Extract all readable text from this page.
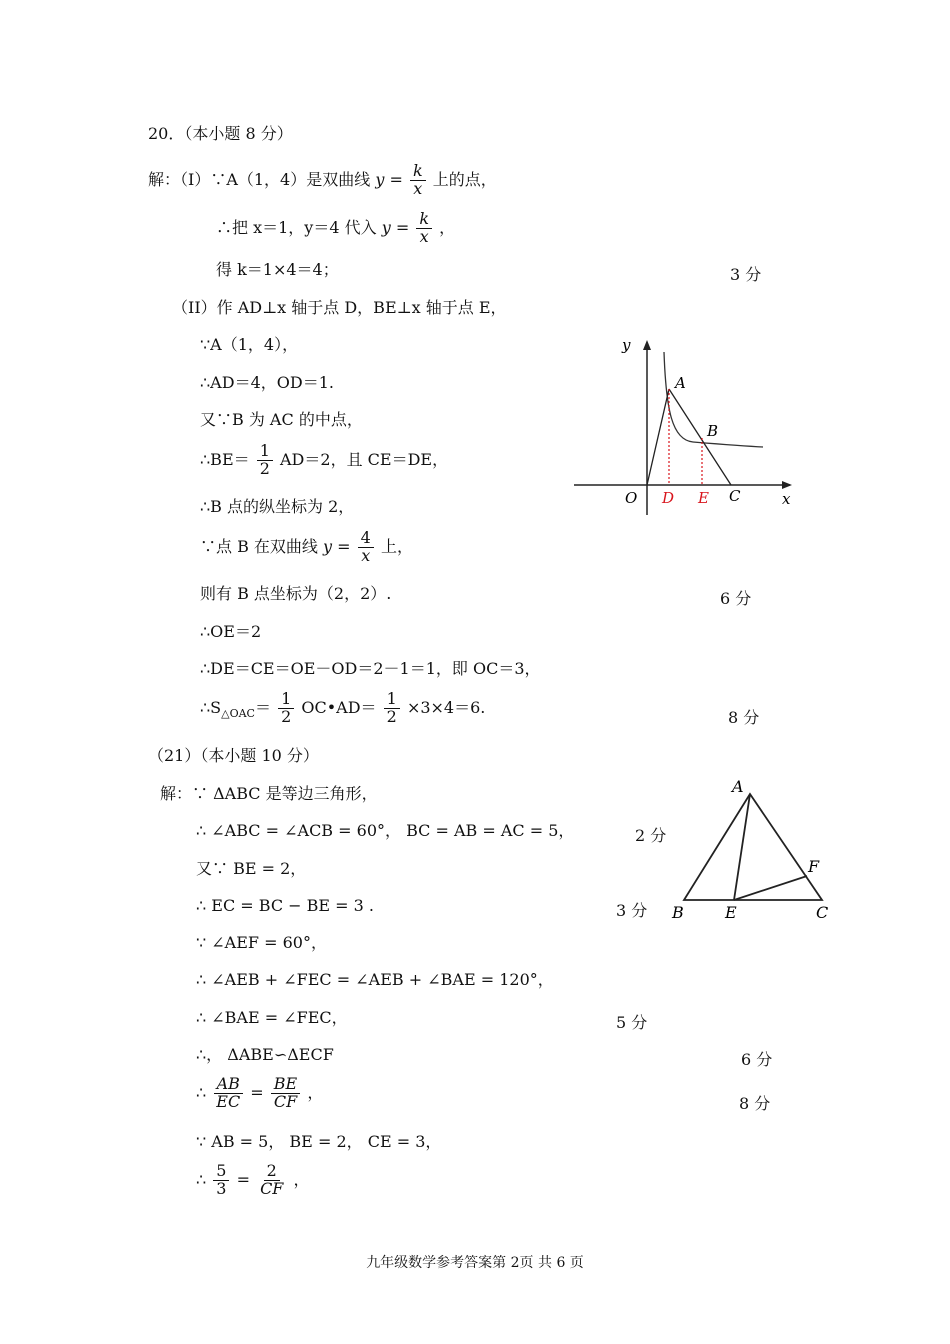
20．（本小题 8 分）
解：（I）∵A（1，4）是双曲线 $y = \frac{k}{x}$ 上的点，
∴把 x＝1，y＝4 代入 $y = \frac{k}{x}$ ，
得 k＝1×4＝4；	3 分
（II）作 AD⊥x 轴于点 D，BE⊥x 轴于点 E，
∵A（1，4），
∴AD＝4，OD＝1.
又∵B 为 AC 的中点，
∴BE＝ $\frac{1}{2} AD=2$，且 CE＝DE，
∴B 点的纵坐标为 2，
∵点 B 在双曲线 $y = \frac{4}{x}$ 上，
则有 B 点坐标为（2，2）.	6 分
∴OE＝2
∴DE＝CE＝OE－OD＝2－1＝1，即 OC＝3，
$\therefore S_{\triangle OAC}= \frac{1}{2}$ OC•AD＝ $\frac{1}{2} \times 3\times 4=6$.
8 分
y
x
O
A
B
C
D E
（21）（本小题 10 分）
解：∵ ΔABC 是等边三角形，
∴ ∠ABC = ∠ACB = 60°， BC = AB = AC = 5，	2 分
又∵ BE = 2，
∴ EC = BC − BE = 3 .	3 分
∵ ∠AEF = 60°，
∴ ∠AEB + ∠FEC = ∠AEB + ∠BAE = 120°，
∴ ∠BAE = ∠FEC，	5 分
∴， ΔABE∽ΔECF	6 分
∴ $\frac{AB}{EC} = \frac{BE}{CF}$ ，
8 分
∵ AB = 5， BE = 2， CE = 3，
∴ $\frac{5}{3} = \frac{2}{CF}$ ，
A
B	E	C
F
九年级数学参考答案第 2页 共 6 页
